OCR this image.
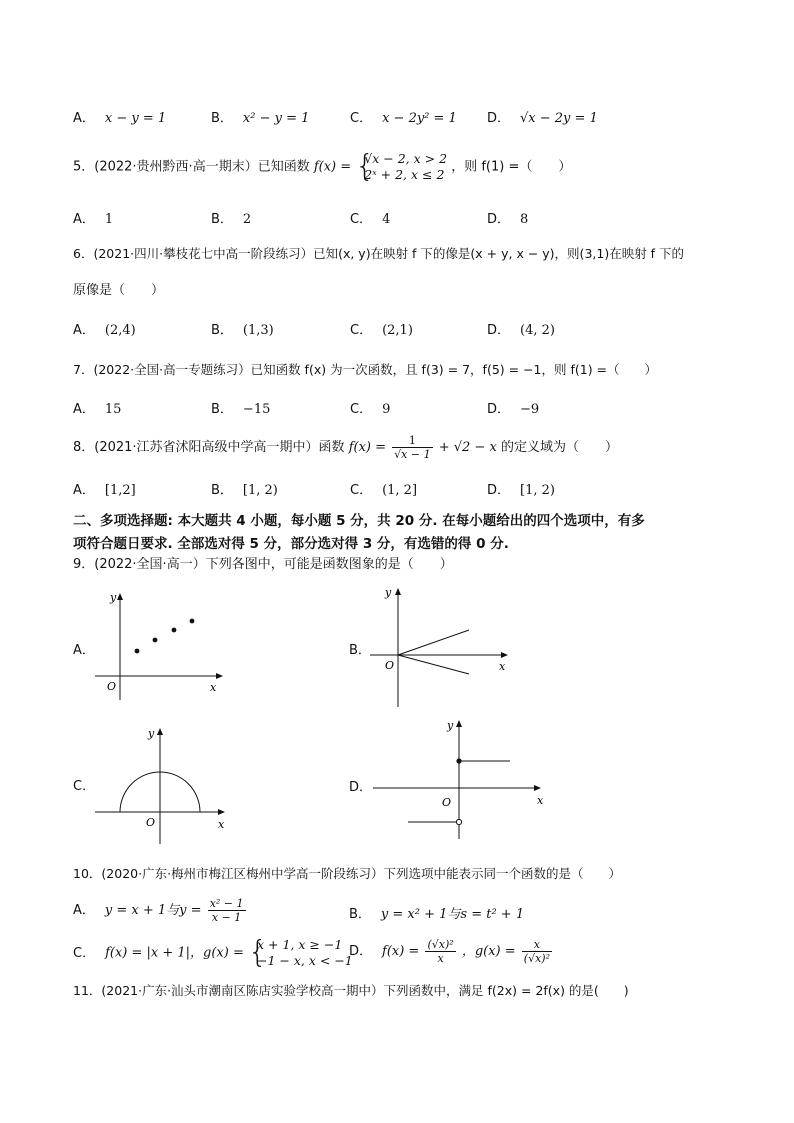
A． x − y = 1	B． x² − y = 1	C． x − 2y² = 1 D． √x − 2y = 1
5．(2022·贵州黔西·高一期末）已知函数 f(x) = {
√x − 2, x > 2
2ˣ + 2, x ≤ 2 ，则 f(1) =（　　）
A． 1	B． 2	C． 4	D． 8
6．(2021·四川·攀枝花七中高一阶段练习）已知(x, y)在映射 f 下的像是(x + y, x − y)，则(3,1)在映射 f 下的
原像是（　　）
A． (2,4)	B． (1,3)	C． (2,1)	D． (4, 2)
7．(2022·全国·高一专题练习）已知函数 f(x) 为一次函数，且 f(3) = 7，f(5) = −1，则 f(1) =（　　）
A． 15	B． −15	C． 9	D． −9
8．(2021·江苏省沭阳高级中学高一期中）函数 $f(x) = \frac{1}{√x - 1} + √2 - x$ 的定义域为（　　）
A． [1,2]	B． [1, 2)	C． (1, 2]	D． [1, 2)
二、多项选择题: 本大题共 4 小题，每小题 5 分，共 20 分. 在每小题给出的四个选项中，有多
项符合题日要求. 全部选对得 5 分，部分选对得 3 分，有选错的得 0 分.
9．(2022·全国·高一）下列各图中，可能是函数图象的是（　　）
A．
y
x
O
B．
y
x
O
C．
y
x
O
D．
y
x
O
10．(2020·广东·梅州市梅江区梅州中学高一阶段练习）下列选项中能表示同一个函数的是（　　）
A． y = x + 1与$y = \frac{\text{x² − 1}}{x - 1}$	B． y = x² + 1与s = t² + 1
C． f(x) = |x + 1|，g(x) = {
x + 1, x ≥ −1
−1 − x, x < −1
D． $f(x) = \frac{\text{(√x)²}}{x}$ ，$g(x) = \frac{x}{\text{(√x)²}}$
11．(2021·广东·汕头市潮南区陈店实验学校高一期中）下列函数中，满足 f(2x) = 2f(x) 的是(　　)
